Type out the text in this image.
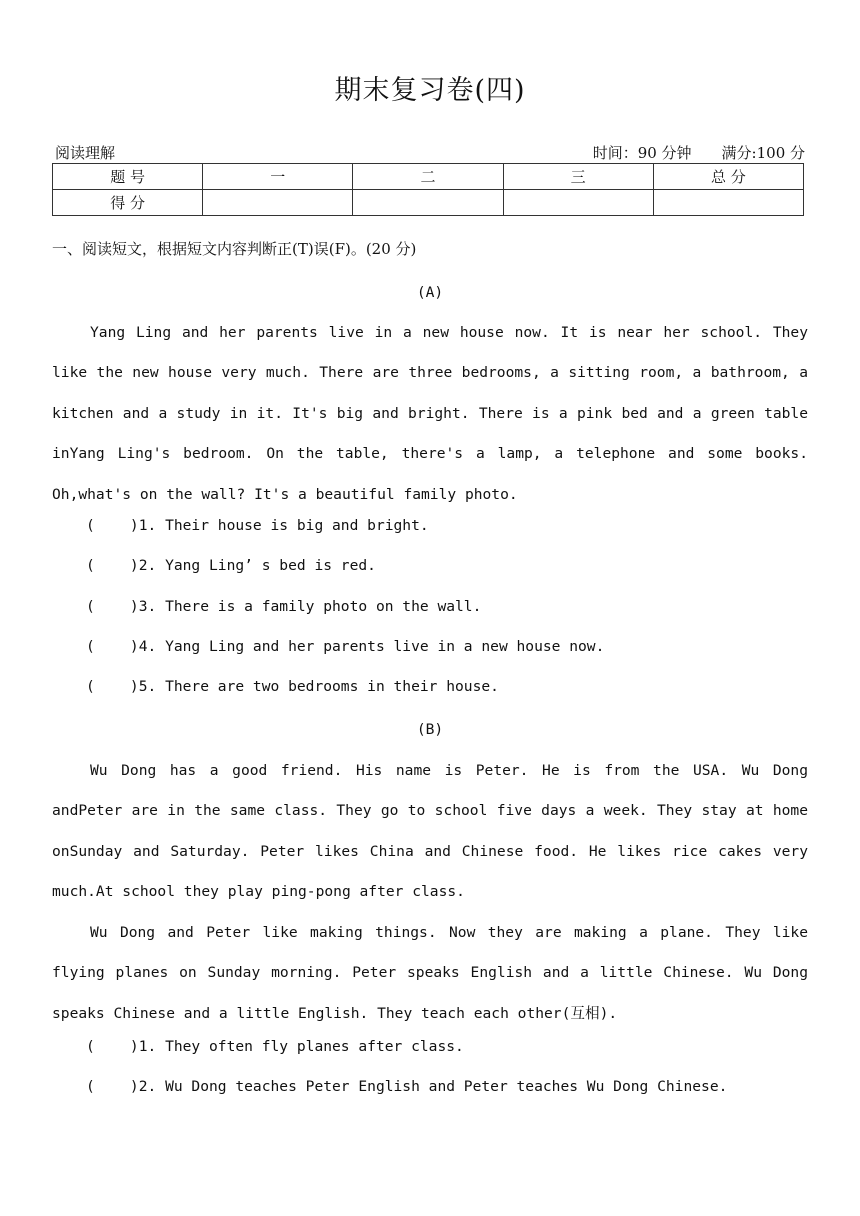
期末复习卷(四)
阅读理解	时间：90 分钟 满分:100 分
题 号	一	二	三	总 分
得 分				
一、阅读短文，根据短文内容判断正(T)误(F)。(20 分)
(A)

Yang Ling and her parents live in a new house now. It is near her school. They like the new house very much. There are three bedrooms, a sitting room, a bathroom, a kitchen and a study in it. It's big and bright. There is a pink bed and a green table inYang Ling's bedroom. On the table, there's a lamp, a telephone and some books. Oh,what's on the wall? It's a beautiful family photo.

(    )1. Their house is big and bright.
(    )2. Yang Ling’ s bed is red.
(    )3. There is a family photo on the wall.
(    )4. Yang Ling and her parents live in a new house now.
(    )5. There are two bedrooms in their house.
(B)

Wu Dong has a good friend. His name is Peter. He is from the USA. Wu Dong andPeter are in the same class. They go to school five days a week. They stay at home onSunday and Saturday. Peter likes China and Chinese food. He likes rice cakes very much.At school they play ping-pong after class.

Wu Dong and Peter like making things. Now they are making a plane. They like flying planes on Sunday morning. Peter speaks English and a little Chinese. Wu Dong speaks Chinese and a little English. They teach each other(互相).

(    )1. They often fly planes after class.
(    )2. Wu Dong teaches Peter English and Peter teaches Wu Dong Chinese.
